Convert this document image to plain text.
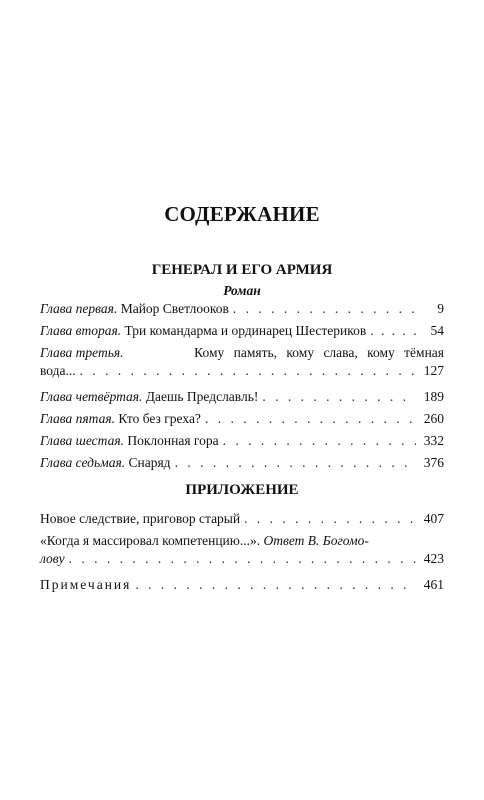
СОДЕРЖАНИЕ
ГЕНЕРАЛ И ЕГО АРМИЯ
Роман
Глава первая. Майор Светлооков . . .	9
Глава вторая. Три командарма и ординарец Шестериков . . .	54
Глава третья.
	Кому память, кому слава, кому тёмная
вода... . . .	127
Глава четвёртая. Даешь Предславль! . . .	189
Глава пятая. Кто без греха? . . .	260
Глава шестая. Поклонная гора . . .	332
Глава седьмая. Снаряд . . .	376
ПРИЛОЖЕНИЕ
Новое следствие, приговор старый . . .	407
«Когда я массировал компетенцию...». Ответ В. Богомо-
лову . . .	423
Примечания . . .	461
